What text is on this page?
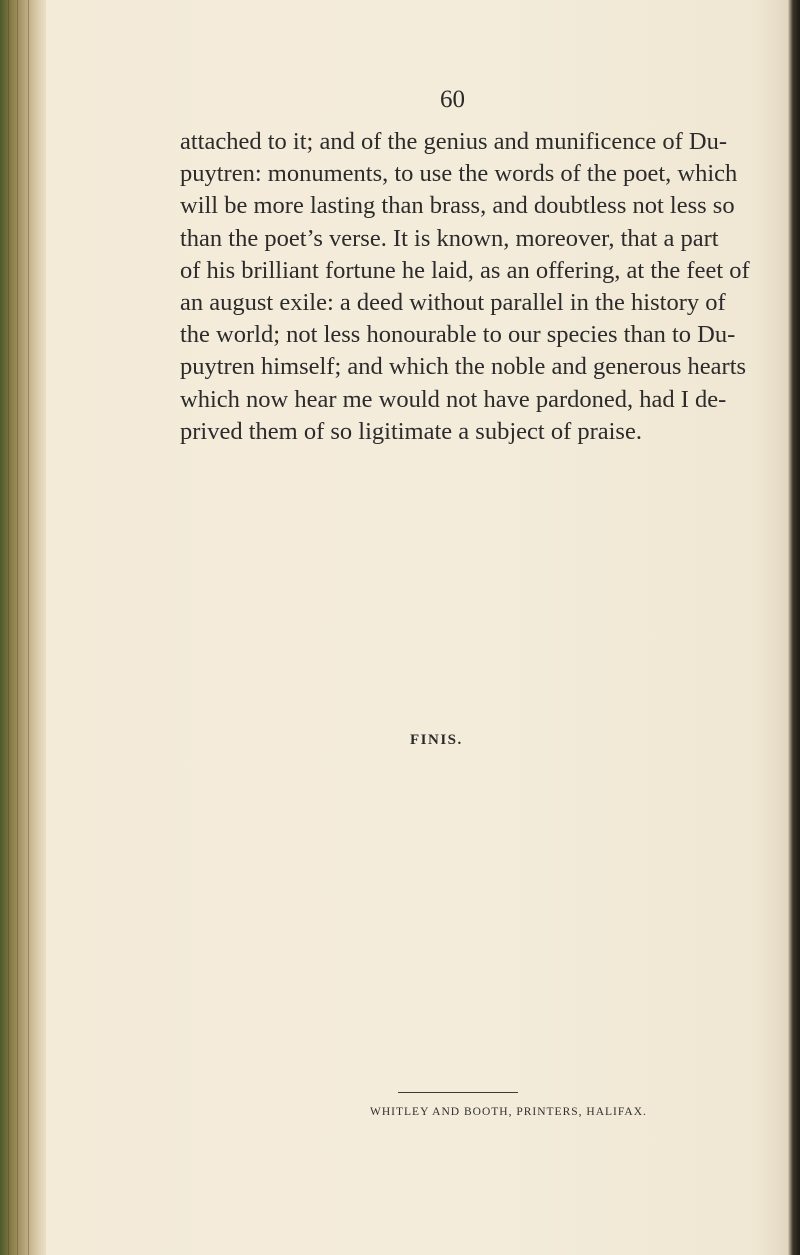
60

attached to it; and of the genius and munificence of Du-
puytren: monuments, to use the words of the poet, which
will be more lasting than brass, and doubtless not less so
than the poet’s verse. It is known, moreover, that a part
of his brilliant fortune he laid, as an offering, at the feet of
an august exile: a deed without parallel in the history of
the world; not less honourable to our species than to Du-
puytren himself; and which the noble and generous hearts
which now hear me would not have pardoned, had I de-
prived them of so ligitimate a subject of praise.

FINIS.
WHITLEY AND BOOTH, PRINTERS, HALIFAX.
